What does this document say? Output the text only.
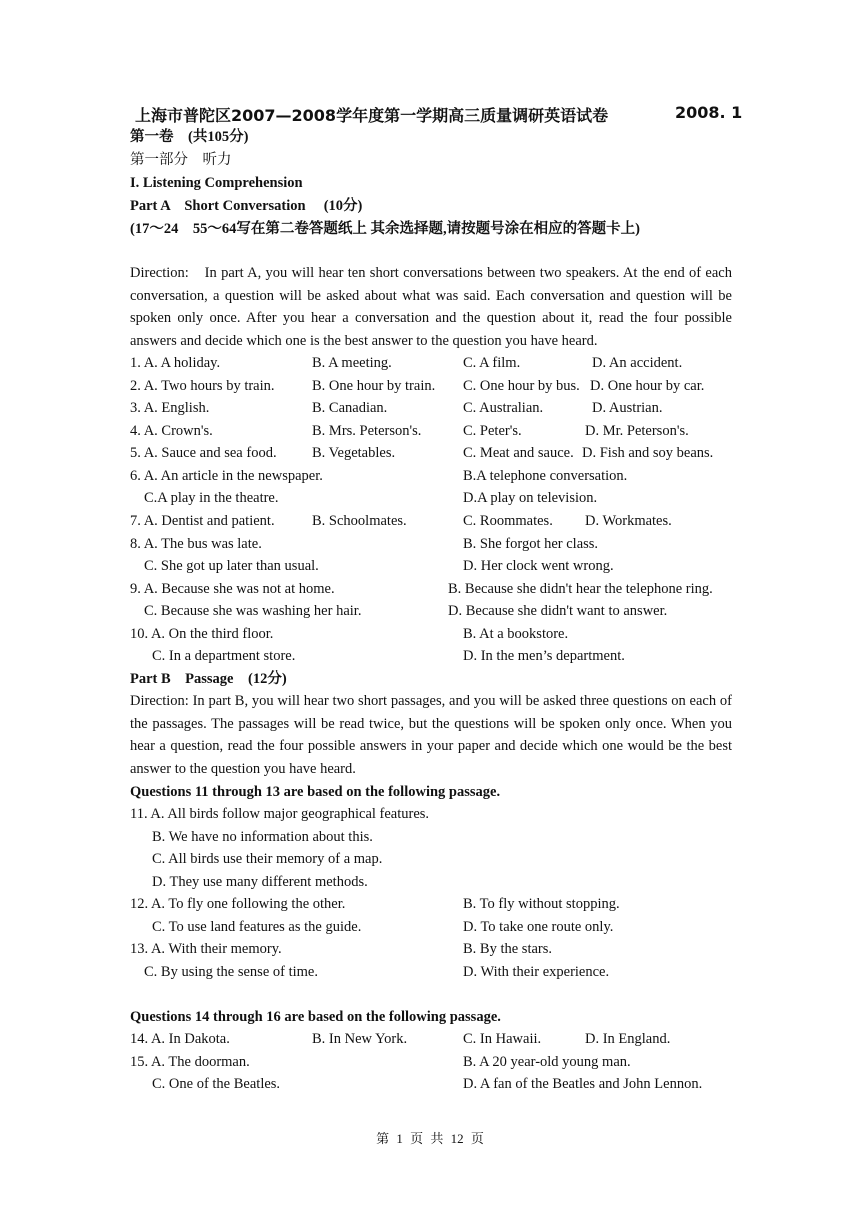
上海市普陀区2007—2008学年度第一学期高三质量调研英语试卷	2008. 1
第一卷　(共105分)
第一部分　听力
I. Listening Comprehension
Part A　Short Conversation　 (10分)
(17～24　55～64写在第二卷答题纸上 其余选择题,请按题号涂在相应的答题卡上)
Direction:　In part A, you will hear ten short conversations between two speakers. At the end of each conversation, a question will be asked about what was said. Each conversation and question will be spoken only once. After you hear a conversation and the question about it, read the four possible answers and decide which one is the best answer to the question you have heard.
1. A. A holiday.	B. A meeting.	C. A film.	D. An accident.
2. A. Two hours by train.	B. One hour by train. C. One hour by bus. D. One hour by car.
3. A. English.	B. Canadian.	C. Australian.	D. Austrian.
4. A. Crown's.	B. Mrs. Peterson's.	C. Peter's.	D. Mr. Peterson's.
5. A. Sauce and sea food. B. Vegetables.	C. Meat and sauce. D. Fish and soy beans.
6. A. An article in the newspaper.	B.A telephone conversation.
C.A play in the theatre.	D.A play on television.
7. A. Dentist and patient.	B. Schoolmates.	C. Roommates. D. Workmates.
8. A. The bus was late.	B. She forgot her class.
C. She got up later than usual.	D. Her clock went wrong.
9. A. Because she was not at home.	B. Because she didn't hear the telephone ring.
C. Because she was washing her hair.	D. Because she didn't want to answer.
10. A. On the third floor.	B. At a bookstore.
C. In a department store.	D. In the men’s department.
Part B　Passage　(12分)
Direction: In part B, you will hear two short passages, and you will be asked three questions on each of the passages. The passages will be read twice, but the questions will be spoken only once. When you hear a question, read the four possible answers in your paper and decide which one would be the best answer to the question you have heard.
Questions 11 through 13 are based on the following passage.
11. A. All birds follow major geographical features.
B. We have no information about this.
C. All birds use their memory of a map.
D. They use many different methods.
12. A. To fly one following the other.	B. To fly without stopping.
C. To use land features as the guide.	D. To take one route only.
13. A. With their memory.	B. By the stars.
C. By using the sense of time.	D. With their experience.
Questions 14 through 16 are based on the following passage.
14. A. In Dakota.	B. In New York.	C. In Hawaii.	D. In England.
15. A. The doorman.	B. A 20 year-old young man.
C. One of the Beatles.	D. A fan of the Beatles and John Lennon.
第 1 页 共 12 页
